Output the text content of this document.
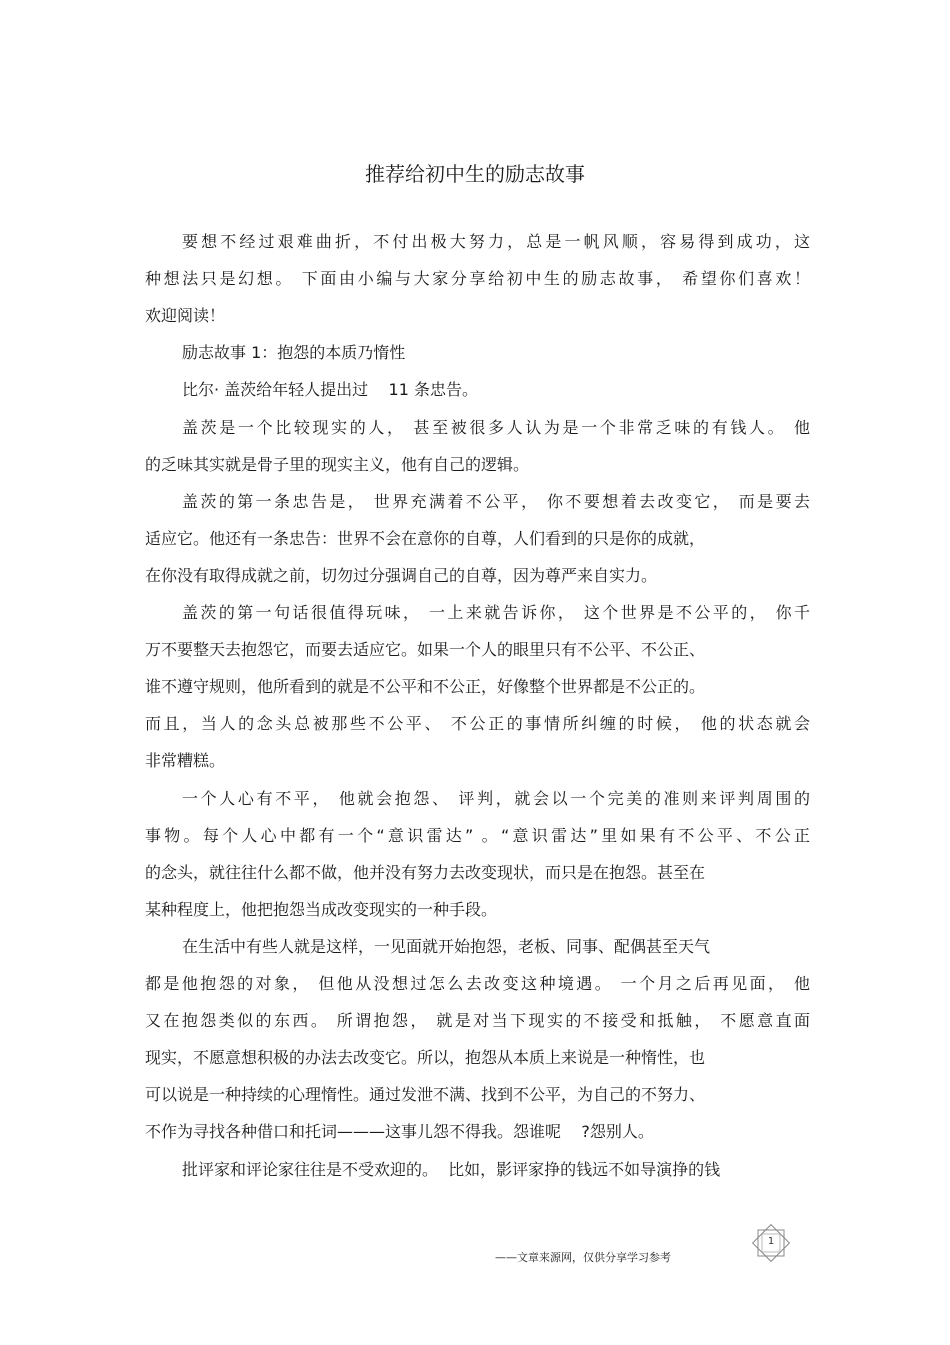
推荐给初中生的励志故事
要想不经过艰难曲折，不付出极大努力，总是一帆风顺，容易得到成功，这
种想法只是幻想。 下面由小编与大家分享给初中生的励志故事， 希望你们喜欢！
欢迎阅读！
励志故事 1：抱怨的本质乃惰性
比尔· 盖茨给年轻人提出过    11 条忠告。
盖茨是一个比较现实的人， 甚至被很多人认为是一个非常乏味的有钱人。 他
的乏味其实就是骨子里的现实主义，他有自己的逻辑。
盖茨的第一条忠告是， 世界充满着不公平， 你不要想着去改变它， 而是要去
适应它。他还有一条忠告：世界不会在意你的自尊，人们看到的只是你的成就，
在你没有取得成就之前，切勿过分强调自己的自尊，因为尊严来自实力。
盖茨的第一句话很值得玩味， 一上来就告诉你， 这个世界是不公平的， 你千
万不要整天去抱怨它，而要去适应它。如果一个人的眼里只有不公平、不公正、
谁不遵守规则，他所看到的就是不公平和不公正，好像整个世界都是不公正的。
而且，当人的念头总被那些不公平、 不公正的事情所纠缠的时候， 他的状态就会
非常糟糕。
一个人心有不平， 他就会抱怨、 评判，就会以一个完美的准则来评判周围的
事物。每个人心中都有一个“意识雷达” 。“意识雷达”里如果有不公平、不公正
的念头，就往往什么都不做，他并没有努力去改变现状，而只是在抱怨。甚至在
某种程度上，他把抱怨当成改变现实的一种手段。
在生活中有些人就是这样，一见面就开始抱怨，老板、同事、配偶甚至天气
都是他抱怨的对象， 但他从没想过怎么去改变这种境遇。 一个月之后再见面， 他
又在抱怨类似的东西。 所谓抱怨， 就是对当下现实的不接受和抵触， 不愿意直面
现实，不愿意想积极的办法去改变它。所以，抱怨从本质上来说是一种惰性，也
可以说是一种持续的心理惰性。通过发泄不满、找到不公平，为自己的不努力、
不作为寻找各种借口和托词———这事儿怨不得我。怨谁呢    ?怨别人。
批评家和评论家往往是不受欢迎的。  比如，影评家挣的钱远不如导演挣的钱
1
——文章来源网，仅供分享学习参考
